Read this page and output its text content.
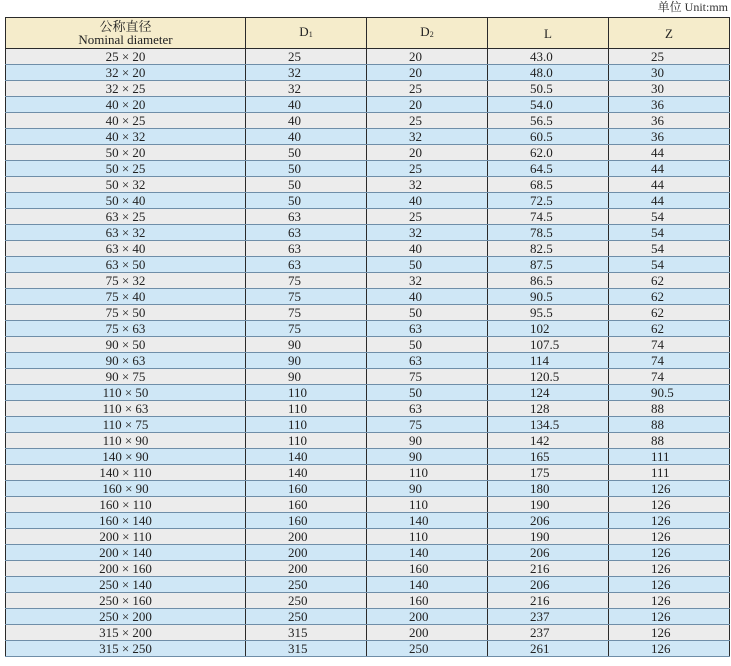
单位 Unit:mm
公称直径
Nominal diameter	D1	D2	L	Z
25 × 20	25	20	43.0	25
32 × 20	32	20	48.0	30
32 × 25	32	25	50.5	30
40 × 20	40	20	54.0	36
40 × 25	40	25	56.5	36
40 × 32	40	32	60.5	36
50 × 20	50	20	62.0	44
50 × 25	50	25	64.5	44
50 × 32	50	32	68.5	44
50 × 40	50	40	72.5	44
63 × 25	63	25	74.5	54
63 × 32	63	32	78.5	54
63 × 40	63	40	82.5	54
63 × 50	63	50	87.5	54
75 × 32	75	32	86.5	62
75 × 40	75	40	90.5	62
75 × 50	75	50	95.5	62
75 × 63	75	63	102	62
90 × 50	90	50	107.5	74
90 × 63	90	63	114	74
90 × 75	90	75	120.5	74
110 × 50	110	50	124	90.5
110 × 63	110	63	128	88
110 × 75	110	75	134.5	88
110 × 90	110	90	142	88
140 × 90	140	90	165	111
140 × 110	140	110	175	111
160 × 90	160	90	180	126
160 × 110	160	110	190	126
160 × 140	160	140	206	126
200 × 110	200	110	190	126
200 × 140	200	140	206	126
200 × 160	200	160	216	126
250 × 140	250	140	206	126
250 × 160	250	160	216	126
250 × 200	250	200	237	126
315 × 200	315	200	237	126
315 × 250	315	250	261	126
